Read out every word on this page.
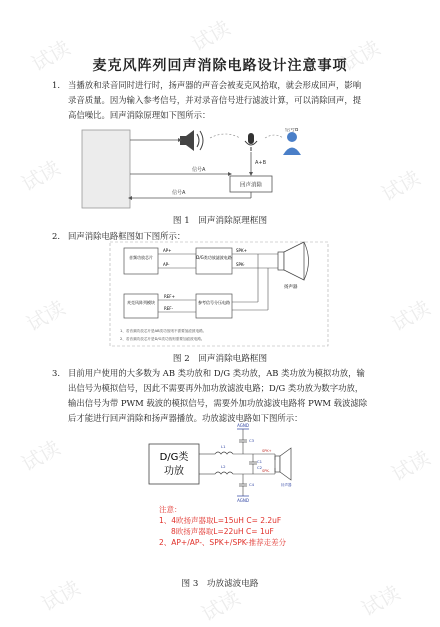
试读	试读	试读
试读	试读
试读	试读
试读	试读
试读	试读	试读
麦克风阵列回声消除电路设计注意事项
1. 当播放和录音同时进行时，扬声器的声音会被麦克风拾取，就会形成回声，影响录音质量。因为输入参考信号，并对录音信号进行滤波计算，可以消除回声，提高信噪比。回声消除原理如下图所示：
信号B
A+B
回声消除
信号A
信号A
图 1　回声消除原理框图
2. 回声消除电路框图如下图所示：
音频功放芯片	D/G类功放滤波电路
AP+
AP-
SPK+
SPK-
扬声器
麦克风阵列模块	参考信号分压电路
REF+
REF-
1、若音频功放芯片是AB类功放则不需要加滤波电路。
2、若音频功放芯片是D/G类功放则需要加滤波电路。
图 2　回声消除电路框图
3. 目前用户使用的大多数为 AB 类功放和 D/G 类功放，AB 类功放为模拟功放，输出信号为模拟信号，因此不需要再外加功放滤波电路；D/G 类功放为数字功放，输出信号为带 PWM 载波的模拟信号，需要外加功放滤波电路将 PWM 载波滤除后才能进行回声消除和扬声器播放。功放滤波电路如下图所示：
D/G类
功放
AGND
C3
L1
L2
C1
C2
C4
AGND
SPK+
SPK-
扬声器
注意：
1、4欧扬声器取L=15uH C= 2.2uF
8欧扬声器取L=22uH C= 1uF
2、AP+/AP-、SPK+/SPK-推荐走差分
图 3　功放滤波电路
